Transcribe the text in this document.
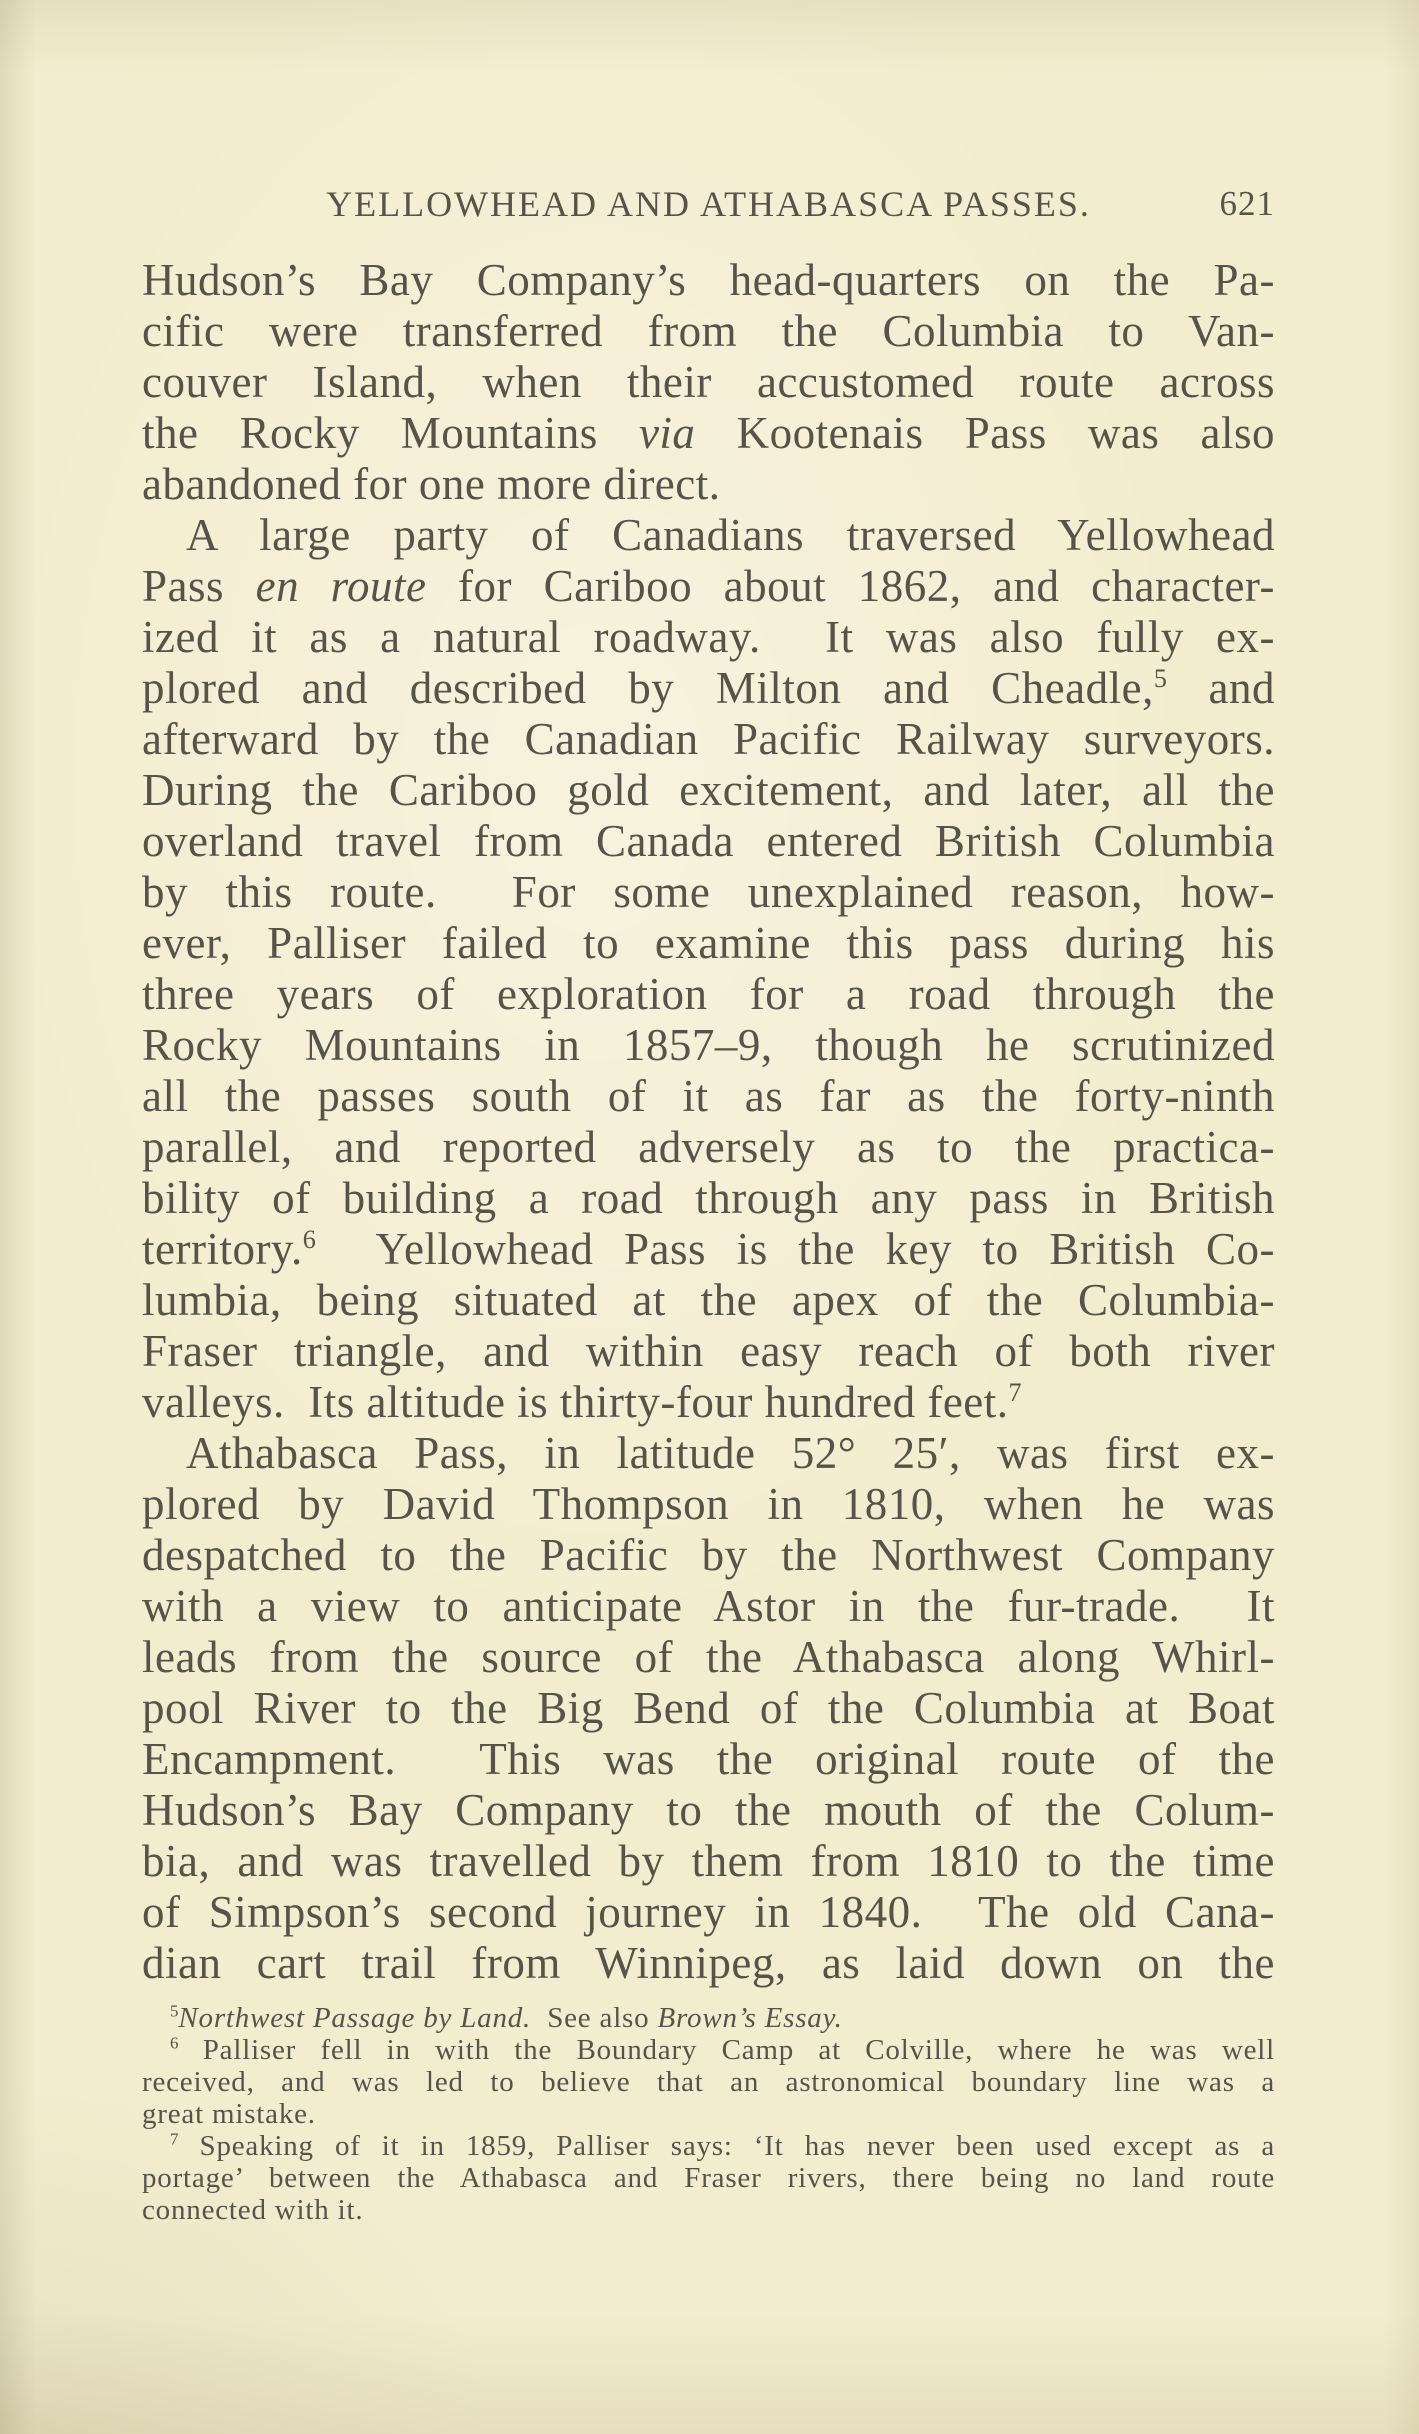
YELLOWHEAD AND ATHABASCA PASSES.	621
Hudson’s Bay Company’s head-quarters on the Pa-
cific were transferred from the Columbia to Van-
couver Island, when their accustomed route across
the Rocky Mountains via Kootenais Pass was also
abandoned for one more direct.
A large party of Canadians traversed Yellowhead
Pass en route for Cariboo about 1862, and character-
ized it as a natural roadway.  It was also fully ex-
plored and described by Milton and Cheadle,$^5$ and
afterward by the Canadian Pacific Railway surveyors.
During the Cariboo gold excitement, and later, all the
overland travel from Canada entered British Columbia
by this route.  For some unexplained reason, how-
ever, Palliser failed to examine this pass during his
three years of exploration for a road through the
Rocky Mountains in 1857–9, though he scrutinized
all the passes south of it as far as the forty-ninth
parallel, and reported adversely as to the practica-
bility of building a road through any pass in British
territory.$^6$  Yellowhead Pass is the key to British Co-
lumbia, being situated at the apex of the Columbia-
Fraser triangle, and within easy reach of both river
valleys.  Its altitude is thirty-four hundred feet.$^7$
Athabasca Pass, in latitude 52° 25′, was first ex-
plored by David Thompson in 1810, when he was
despatched to the Pacific by the Northwest Company
with a view to anticipate Astor in the fur-trade.  It
leads from the source of the Athabasca along Whirl-
pool River to the Big Bend of the Columbia at Boat
Encampment.  This was the original route of the
Hudson’s Bay Company to the mouth of the Colum-
bia, and was travelled by them from 1810 to the time
of Simpson’s second journey in 1840.  The old Cana-
dian cart trail from Winnipeg, as laid down on the
$^5$Northwest Passage by Land.  See also Brown’s Essay.
$^6$ Palliser fell in with the Boundary Camp at Colville, where he was well
received, and was led to believe that an astronomical boundary line was a
great mistake.
$^7$ Speaking of it in 1859, Palliser says: ‘It has never been used except as a
portage’ between the Athabasca and Fraser rivers, there being no land route
connected with it.
